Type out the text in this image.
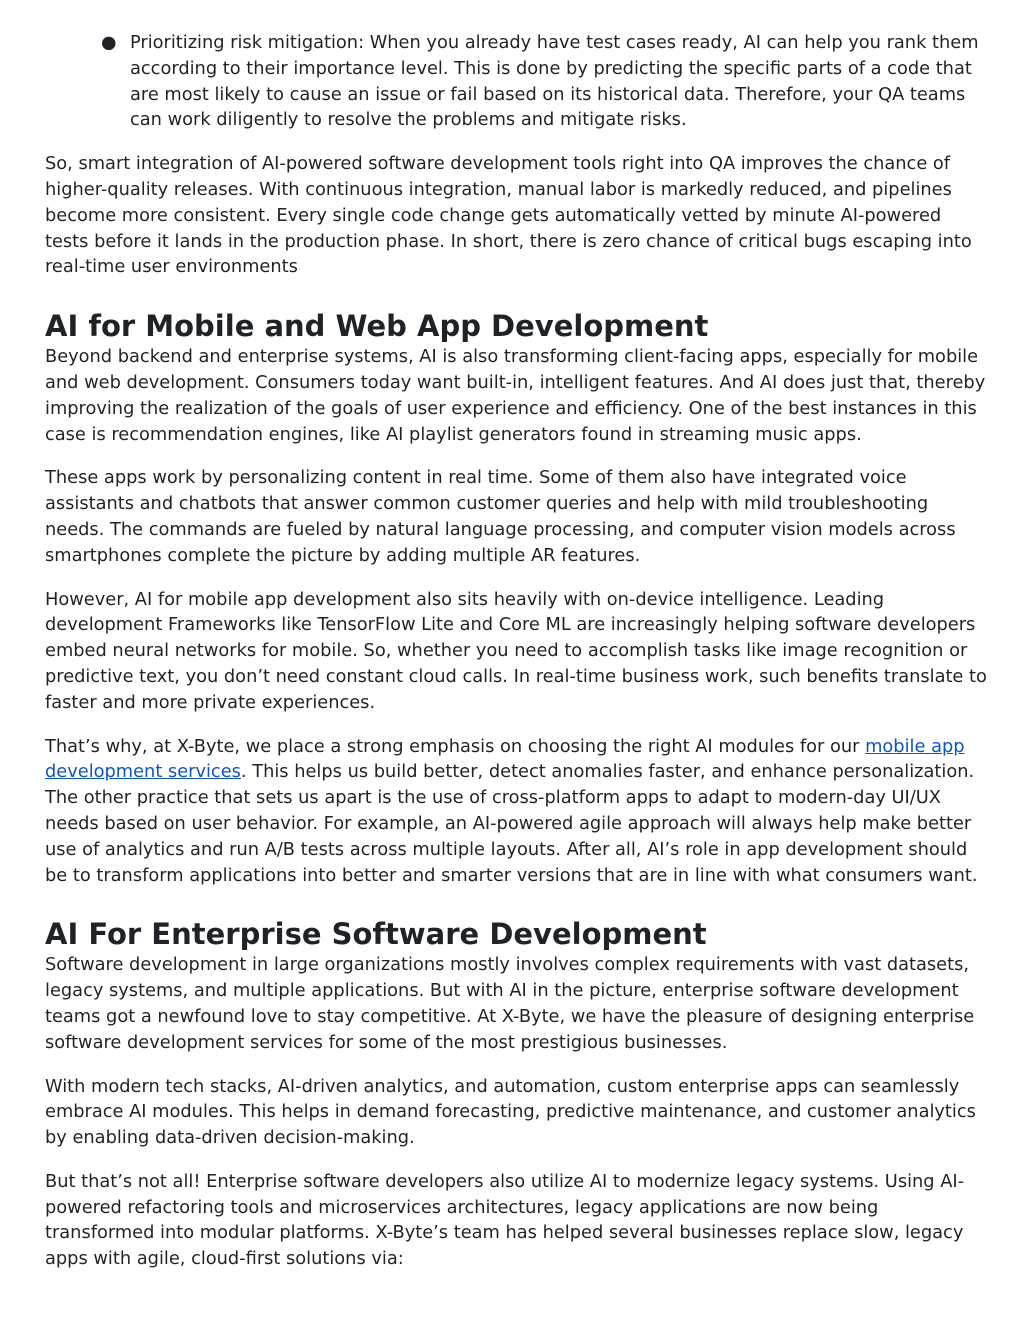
● Prioritizing risk mitigation: When you already have test cases ready, AI can help you rank them according to their importance level. This is done by predicting the specific parts of a code that are most likely to cause an issue or fail based on its historical data. Therefore, your QA teams can work diligently to resolve the problems and mitigate risks.

So, smart integration of AI-powered software development tools right into QA improves the chance of higher-quality releases. With continuous integration, manual labor is markedly reduced, and pipelines become more consistent. Every single code change gets automatically vetted by minute AI-powered tests before it lands in the production phase. In short, there is zero chance of critical bugs escaping into real-time user environments

AI for Mobile and Web App Development

Beyond backend and enterprise systems, AI is also transforming client-facing apps, especially for mobile and web development. Consumers today want built-in, intelligent features. And AI does just that, thereby improving the realization of the goals of user experience and efficiency. One of the best instances in this case is recommendation engines, like AI playlist generators found in streaming music apps.

These apps work by personalizing content in real time. Some of them also have integrated voice assistants and chatbots that answer common customer queries and help with mild troubleshooting needs. The commands are fueled by natural language processing, and computer vision models across smartphones complete the picture by adding multiple AR features.

However, AI for mobile app development also sits heavily with on-device intelligence. Leading development Frameworks like TensorFlow Lite and Core ML are increasingly helping software developers embed neural networks for mobile. So, whether you need to accomplish tasks like image recognition or predictive text, you don’t need constant cloud calls. In real-time business work, such benefits translate to faster and more private experiences.

That’s why, at X-Byte, we place a strong emphasis on choosing the right AI modules for our mobile app development services. This helps us build better, detect anomalies faster, and enhance personalization. The other practice that sets us apart is the use of cross-platform apps to adapt to modern-day UI/UX needs based on user behavior. For example, an AI-powered agile approach will always help make better use of analytics and run A/B tests across multiple layouts. After all, AI’s role in app development should be to transform applications into better and smarter versions that are in line with what consumers want.

AI For Enterprise Software Development

Software development in large organizations mostly involves complex requirements with vast datasets, legacy systems, and multiple applications. But with AI in the picture, enterprise software development teams got a newfound love to stay competitive. At X-Byte, we have the pleasure of designing enterprise software development services for some of the most prestigious businesses.

With modern tech stacks, AI-driven analytics, and automation, custom enterprise apps can seamlessly embrace AI modules. This helps in demand forecasting, predictive maintenance, and customer analytics by enabling data-driven decision-making.

But that’s not all! Enterprise software developers also utilize AI to modernize legacy systems. Using AI-powered refactoring tools and microservices architectures, legacy applications are now being transformed into modular platforms. X-Byte’s team has helped several businesses replace slow, legacy apps with agile, cloud-first solutions via:
